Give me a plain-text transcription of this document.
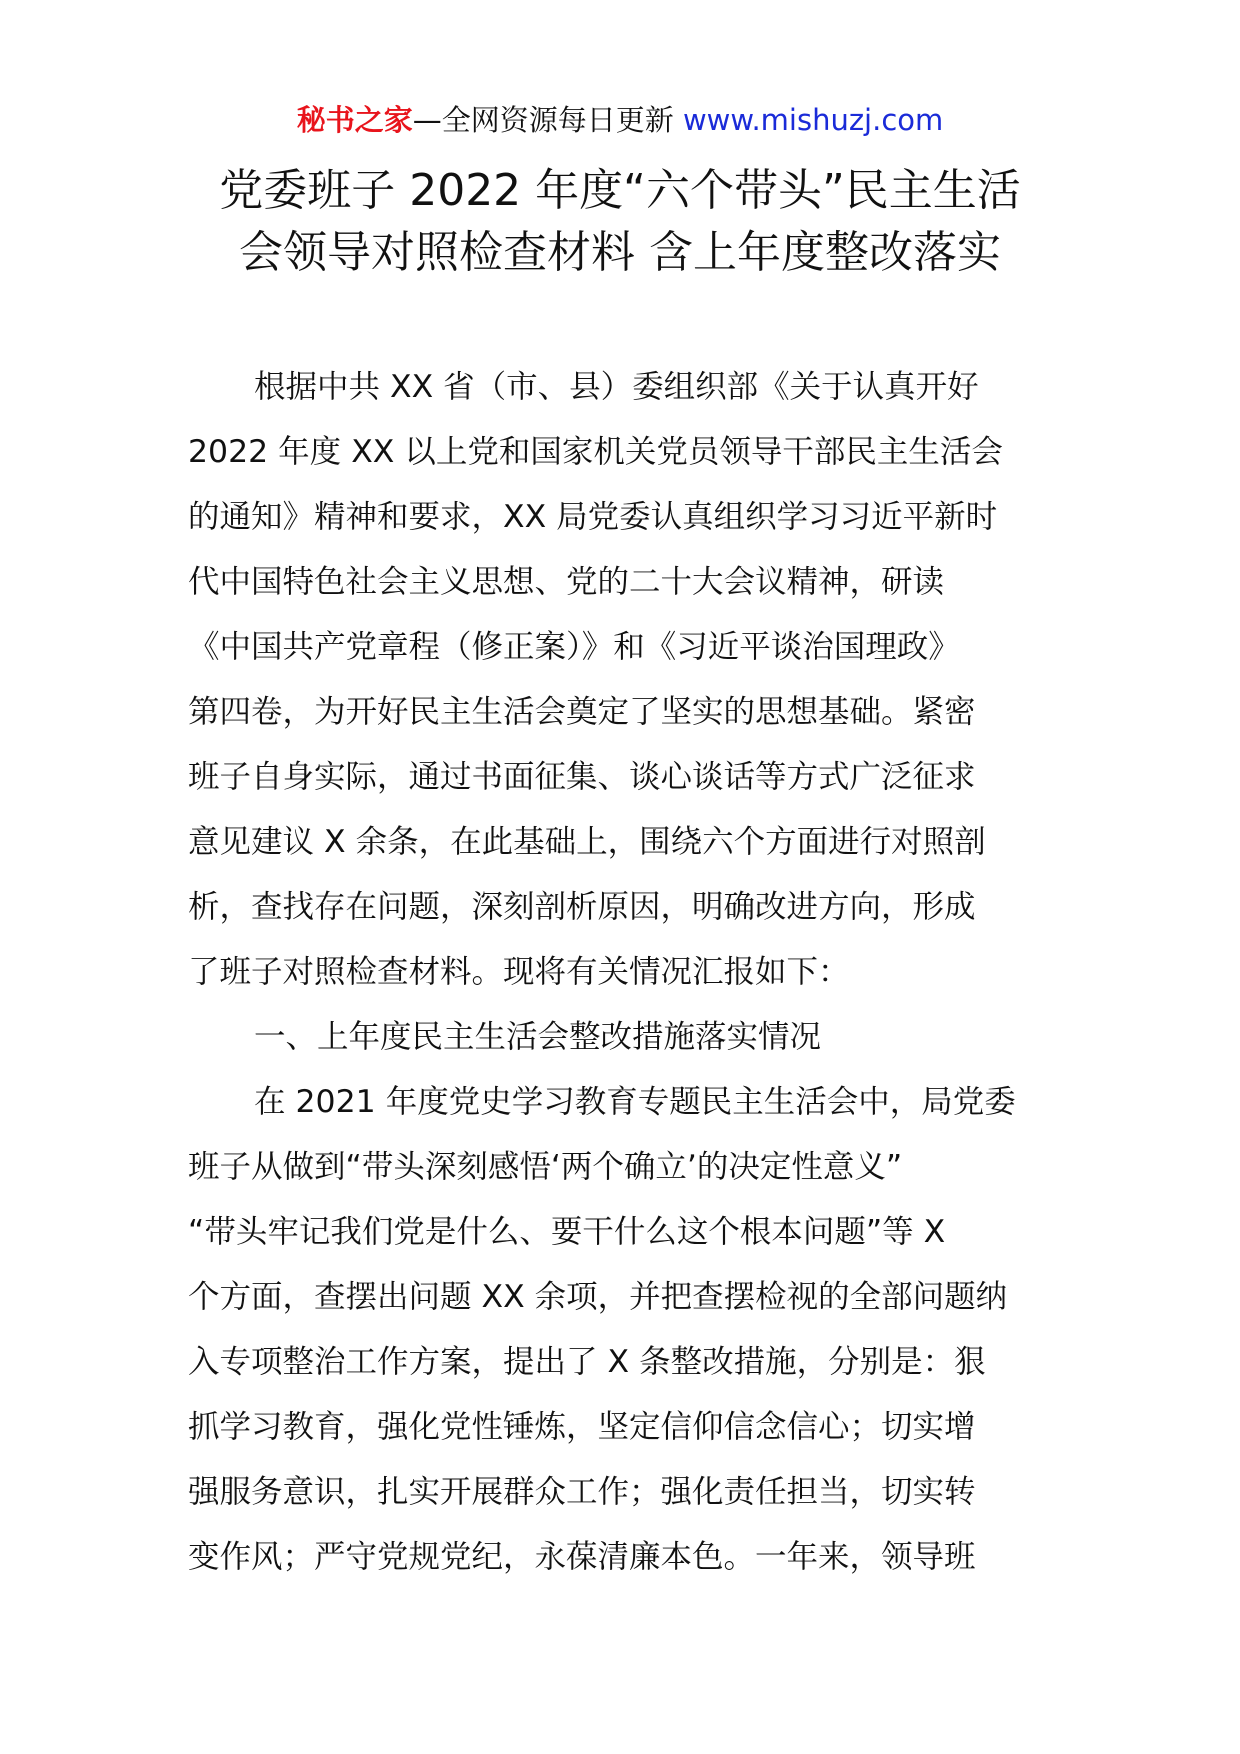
秘书之家—全网资源每日更新 www.mishuzj.com
党委班子 2022 年度“六个带头”民主生活
会领导对照检查材料 含上年度整改落实
根据中共 XX 省（市、县）委组织部《关于认真开好
2022 年度 XX 以上党和国家机关党员领导干部民主生活会
的通知》精神和要求，XX 局党委认真组织学习习近平新时
代中国特色社会主义思想、党的二十大会议精神，研读
《中国共产党章程（修正案）》和《习近平谈治国理政》
第四卷，为开好民主生活会奠定了坚实的思想基础。紧密
班子自身实际，通过书面征集、谈心谈话等方式广泛征求
意见建议 X 余条，在此基础上，围绕六个方面进行对照剖
析，查找存在问题，深刻剖析原因，明确改进方向，形成
了班子对照检查材料。现将有关情况汇报如下：
一、上年度民主生活会整改措施落实情况
在 2021 年度党史学习教育专题民主生活会中，局党委
班子从做到“带头深刻感悟‘两个确立’的决定性意义”
“带头牢记我们党是什么、要干什么这个根本问题”等 X
个方面，查摆出问题 XX 余项，并把查摆检视的全部问题纳
入专项整治工作方案，提出了 X 条整改措施，分别是：狠
抓学习教育，强化党性锤炼，坚定信仰信念信心；切实增
强服务意识，扎实开展群众工作；强化责任担当，切实转
变作风；严守党规党纪，永葆清廉本色。一年来，领导班
